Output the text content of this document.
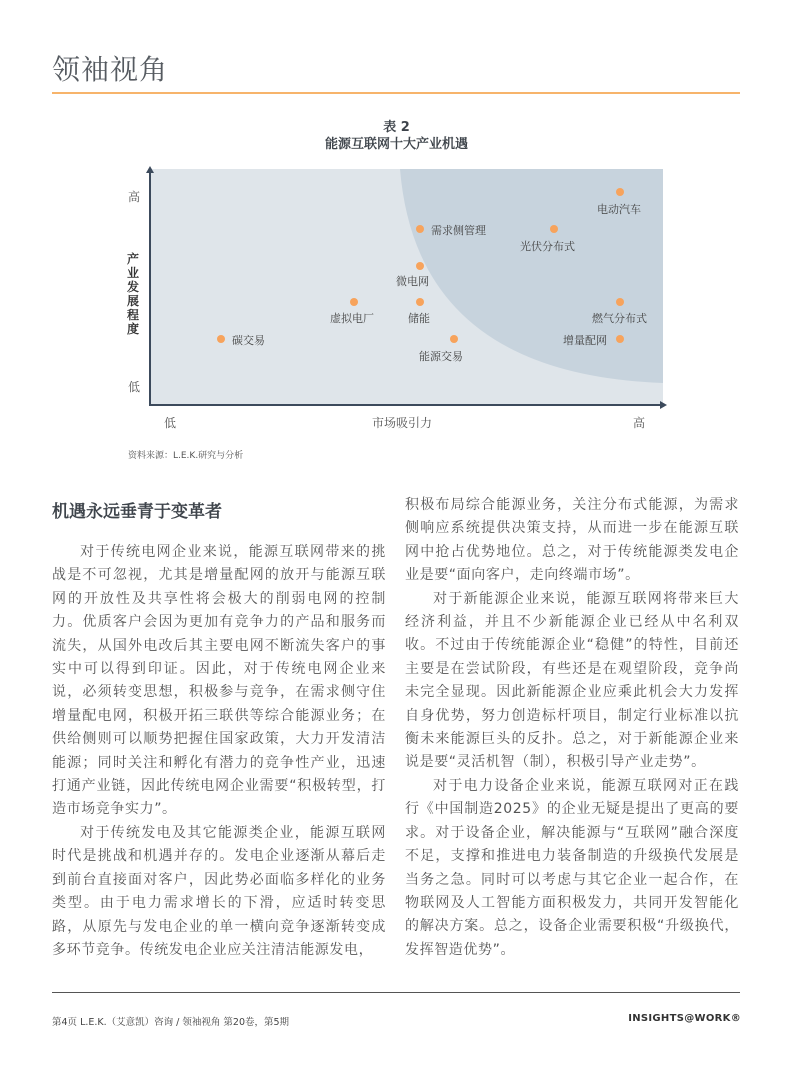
领袖视角
表 2
能源互联网十大产业机遇
高
产业发展程度
低
低	市场吸引力	高
碳交易
虚拟电厂	储能
能源交易
微电网
需求侧管理
光伏分布式
电动汽车
燃气分布式
增量配网
资料来源：L.E.K.研究与分析
机遇永远垂青于变革者

对于传统电网企业来说，能源互联网带来的挑战是不可忽视，尤其是增量配网的放开与能源互联网的开放性及共享性将会极大的削弱电网的控制力。优质客户会因为更加有竞争力的产品和服务而流失，从国外电改后其主要电网不断流失客户的事实中可以得到印证。因此，对于传统电网企业来说，必须转变思想，积极参与竞争，在需求侧守住增量配电网，积极开拓三联供等综合能源业务；在供给侧则可以顺势把握住国家政策，大力开发清洁能源；同时关注和孵化有潜力的竞争性产业，迅速打通产业链，因此传统电网企业需要“积极转型，打造市场竞争实力”。

对于传统发电及其它能源类企业，能源互联网时代是挑战和机遇并存的。发电企业逐渐从幕后走到前台直接面对客户，因此势必面临多样化的业务类型。由于电力需求增长的下滑，应适时转变思路，从原先与发电企业的单一横向竞争逐渐转变成多环节竞争。传统发电企业应关注清洁能源发电，

积极布局综合能源业务，关注分布式能源，为需求侧响应系统提供决策支持，从而进一步在能源互联网中抢占优势地位。总之，对于传统能源类发电企业是要“面向客户，走向终端市场”。

对于新能源企业来说，能源互联网将带来巨大经济利益，并且不少新能源企业已经从中名利双收。不过由于传统能源企业“稳健”的特性，目前还主要是在尝试阶段，有些还是在观望阶段，竞争尚未完全显现。因此新能源企业应乘此机会大力发挥自身优势，努力创造标杆项目，制定行业标准以抗衡未来能源巨头的反扑。总之，对于新能源企业来说是要“灵活机智（制），积极引导产业走势”。

对于电力设备企业来说，能源互联网对正在践行《中国制造2025》的企业无疑是提出了更高的要求。对于设备企业，解决能源与“互联网”融合深度不足，支撑和推进电力装备制造的升级换代发展是当务之急。同时可以考虑与其它企业一起合作，在物联网及人工智能方面积极发力，共同开发智能化的解决方案。总之，设备企业需要积极“升级换代，发挥智造优势”。

第4页 L.E.K.（艾意凯）咨询 / 领袖视角 第20卷，第5期	INSIGHTS@WORK®
